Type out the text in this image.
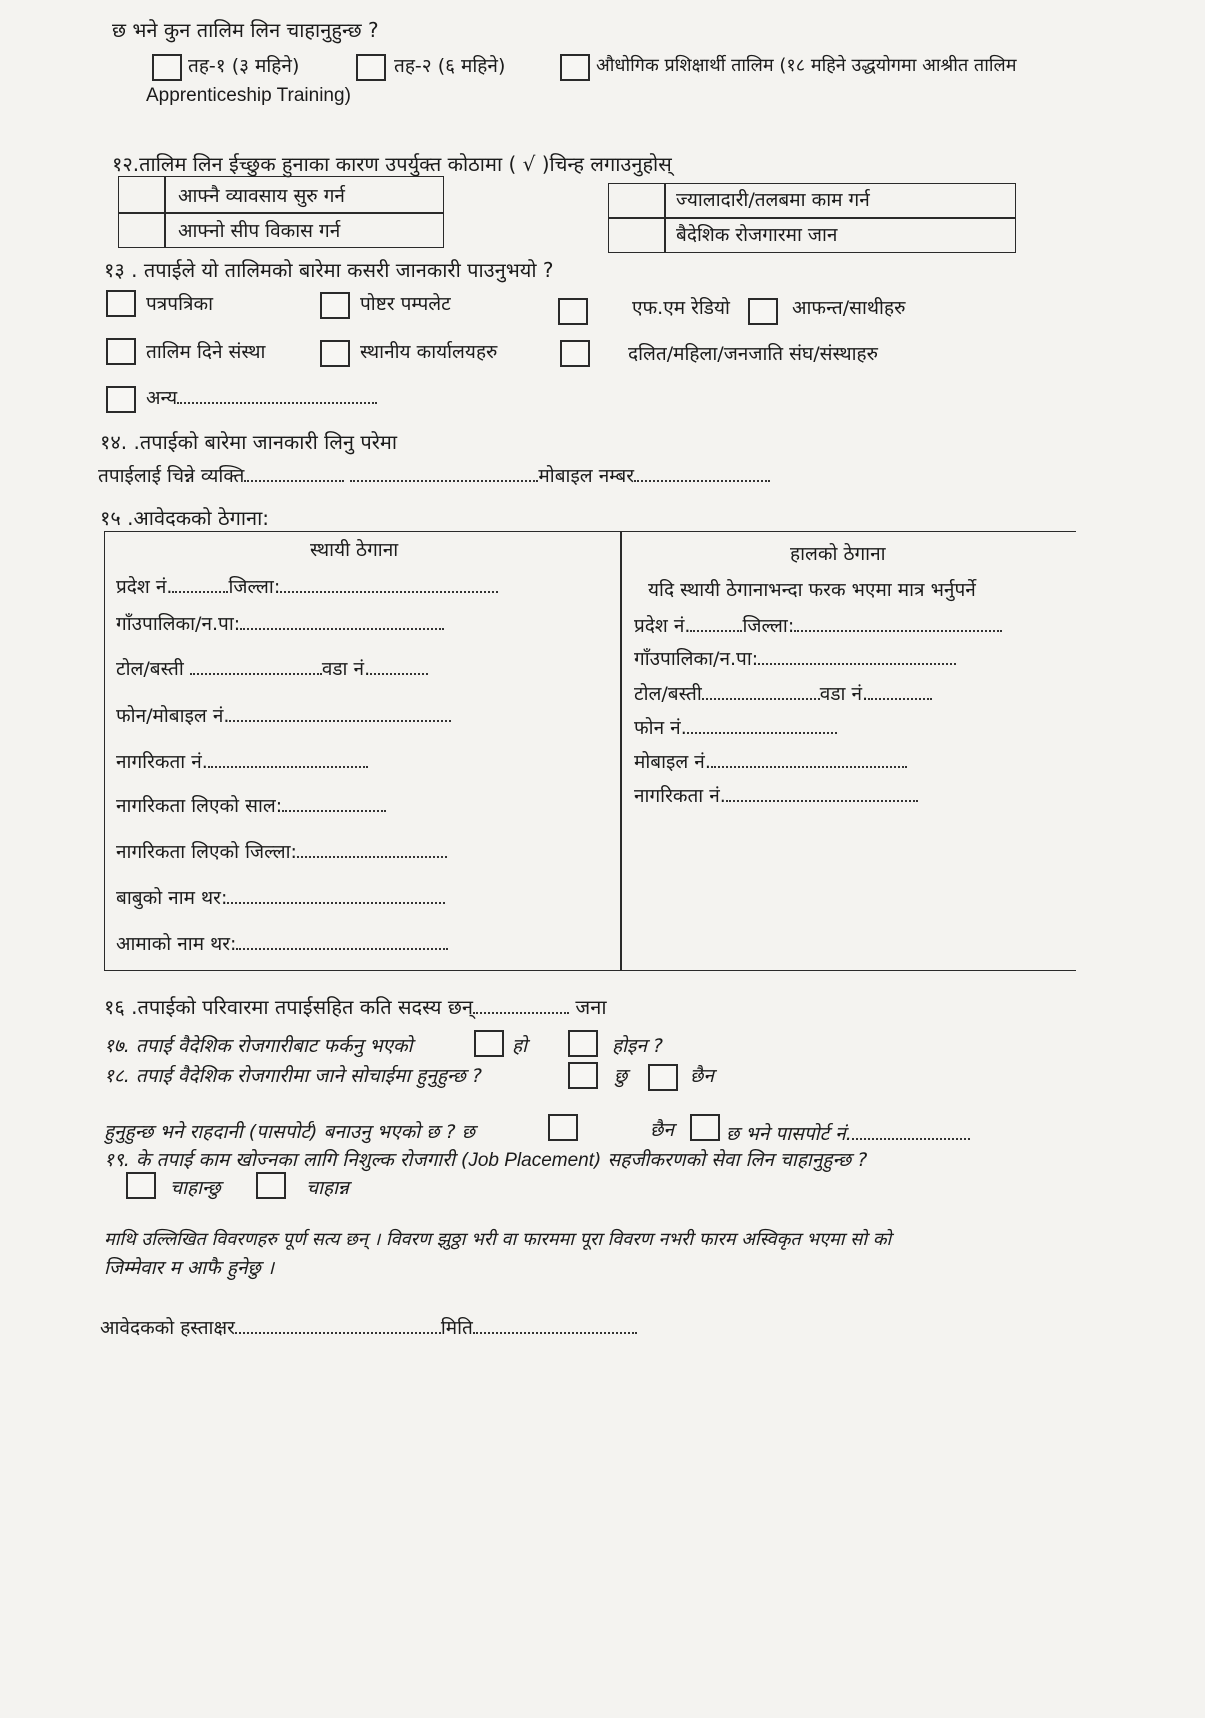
छ भने कुन तालिम लिन चाहानुहुन्छ ?
तह-१ (३ महिने)	तह-२ (६ महिने)	औधोगिक प्रशिक्षार्थी तालिम (१८ महिने उद्धयोगमा आश्रीत तालिम
Apprenticeship Training)
१२.तालिम लिन ईच्छुक हुनाका कारण उपर्युक्त कोठामा ( √ )चिन्ह लगाउनुहोस्
आफ्नै व्यावसाय सुरु गर्न
आफ्नो सीप विकास गर्न
ज्यालादारी/तलबमा काम गर्न
बैदेशिक रोजगारमा जान
१३ . तपाईले यो तालिमको बारेमा कसरी जानकारी पाउनुभयो ?
पत्रपत्रिका	पोष्टर पम्पलेट	एफ.एम रेडियो	आफन्त/साथीहरु
तालिम दिने संस्था	स्थानीय कार्यालयहरु	दलित/महिला/जनजाति संघ/संस्थाहरु
अन्य
१४. .तपाईको बारेमा जानकारी लिनु परेमा
तपाईलाई चिन्ने व्यक्ति	मोबाइल नम्बर
१५ .आवेदकको ठेगाना:
स्थायी ठेगाना
प्रदेश नं.	जिल्ला:
गाँउपालिका/न.पा:
टोल/बस्ती	वडा नं.
फोन/मोबाइल नं.
नागरिकता नं.
नागरिकता लिएको साल:
नागरिकता लिएको जिल्ला:
बाबुको नाम थर:
आमाको नाम थर:
हालको ठेगाना
यदि स्थायी ठेगानाभन्दा फरक भएमा मात्र भर्नुपर्ने
प्रदेश नं.	जिल्ला:
गाँउपालिका/न.पा:
टोल/बस्ती	वडा नं.
फोन नं.
मोबाइल नं.
नागरिकता नं.
१६ .तपाईको परिवारमा तपाईसहित कति सदस्य छन्	जना
१७. तपाई वैदेशिक रोजगारीबाट फर्कनु भएको	हो	होइन ?
१८. तपाई वैदेशिक रोजगारीमा जाने सोचाईमा हुनुहुन्छ ?	छु	छैन
हुनुहुन्छ भने राहदानी (पासपोर्ट) बनाउनु भएको छ ? छ	छैन	छ भने पासपोर्ट नं.
१९. के तपाई काम खोज्नका लागि निशुल्क रोजगारी (Job Placement) सहजीकरणको सेवा लिन चाहानुहुन्छ ?
चाहान्छु	चाहान्न
माथि उल्लिखित विवरणहरु पूर्ण सत्य छन् । विवरण झुठ्ठा भरी वा फारममा पूरा विवरण नभरी फारम अस्विकृत भएमा सो को
जिम्मेवार म आफै हुनेछु ।
आवेदकको हस्ताक्षर	मिति
